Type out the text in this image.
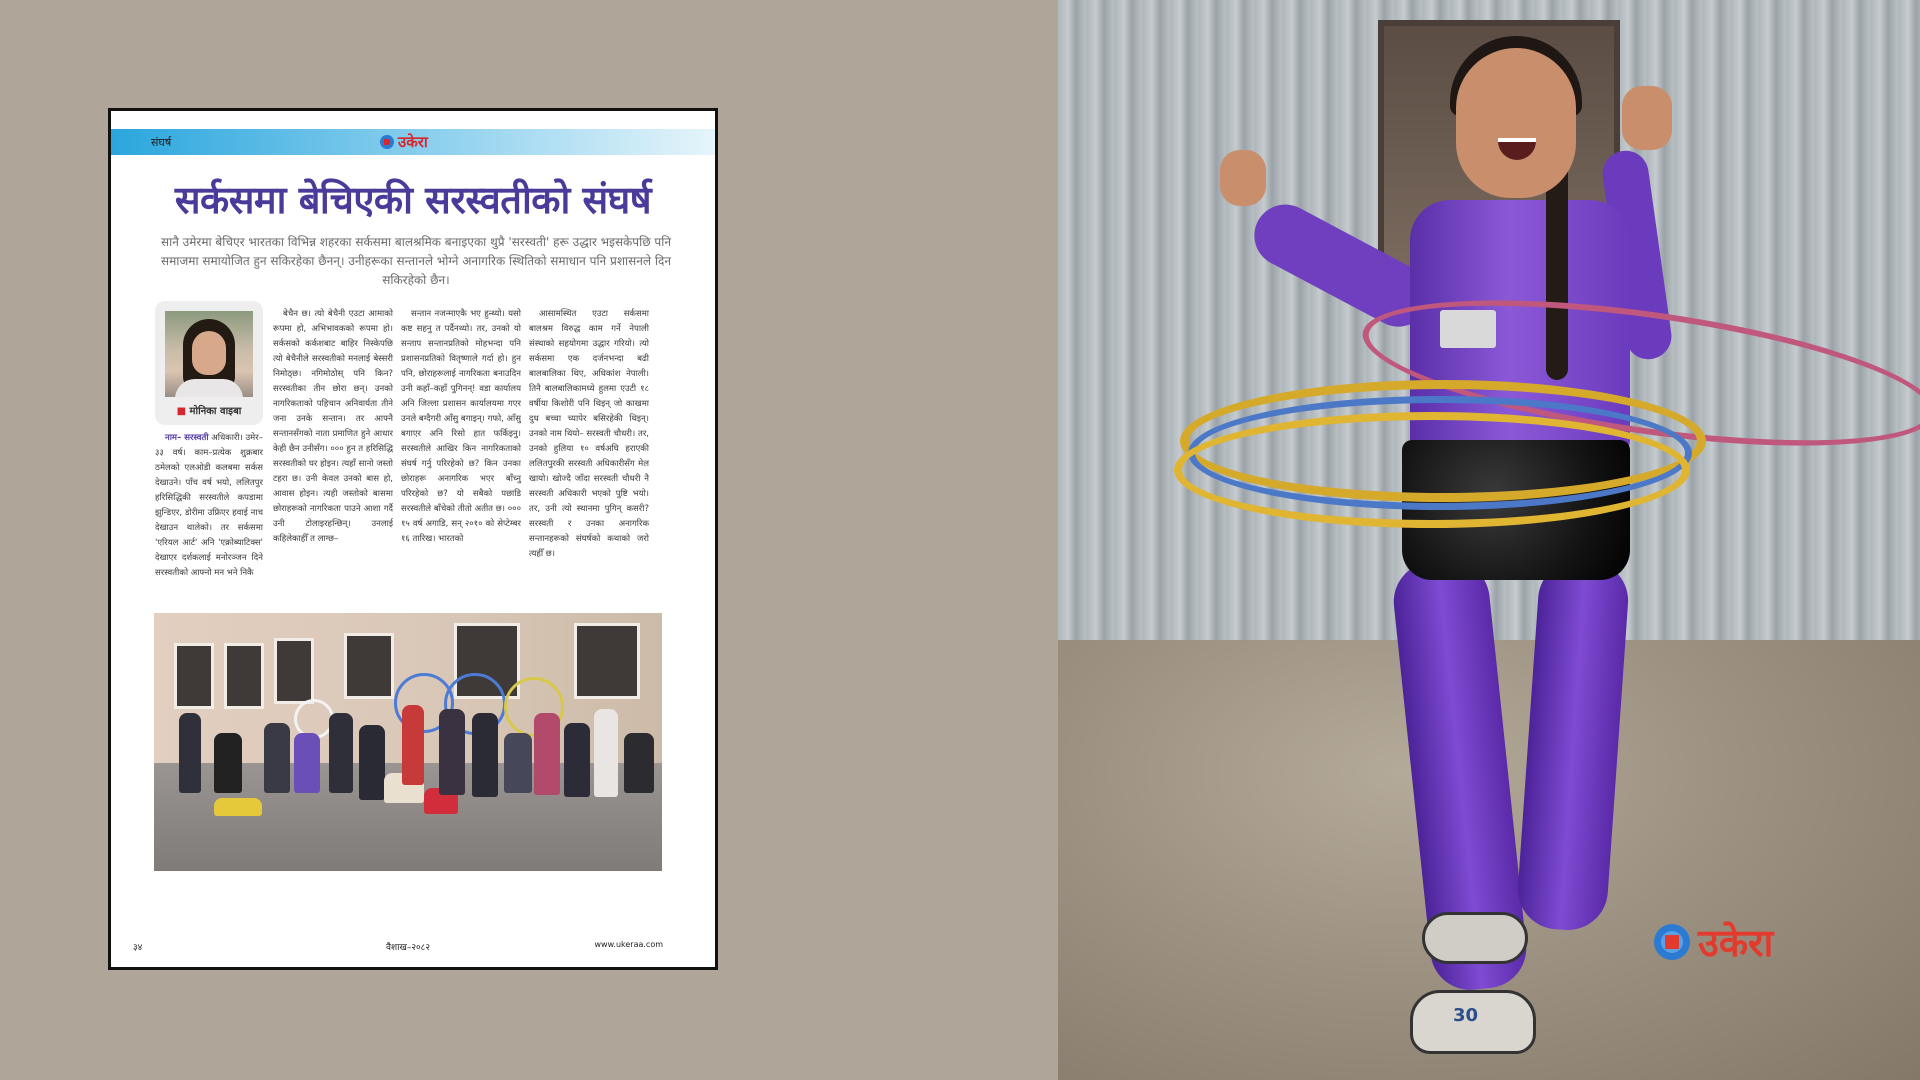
संघर्ष	उकेरा
सर्कसमा बेचिएकी सरस्वतीको संघर्ष
सानै उमेरमा बेचिएर भारतका विभिन्न शहरका सर्कसमा बालश्रमिक बनाइएका थुप्रै 'सरस्वती' हरू उद्धार भइसकेपछि पनि समाजमा समायोजित हुन सकिरहेका छैनन्। उनीहरूका सन्तानले भोग्ने अनागरिक स्थितिको समाधान पनि प्रशासनले दिन सकिरहेको छैन।
■ मोनिका वाइबा

नाम– सरस्वती अधिकारी। उमेर–३३ वर्ष। काम–प्रत्येक शुक्रबार ठमेलको एलओडी कलबमा सर्कस देखाउने। पाँच वर्ष भयो, ललितपुर हरिसिद्धिकी सरस्वतीले कपडामा झुन्डिएर, डोरीमा उफ्रिएर हवाई नाच देखाउन थालेको। तर सर्कसमा 'एरियल आर्ट' अनि 'एक्रोब्याटिक्स' देखाएर दर्शकलाई मनोरञ्जन दिने सरस्वतीको आफ्नो मन भने निकै

बेचैन छ। त्यो बेचैनी एउटा आमाको रूपमा हो, अभिभावकको रूपमा हो। सर्कसको कर्कशबाट बाहिर निस्केपछि त्यो बेचैनीले सरस्वतीको मनलाई बेस्सरी निमोठ्छ। नगिमोठोस् पनि किन? सरस्वतीका तीन छोरा छन्। उनको नागरिकताको पहिचान अनिवार्यता तीने जना उनके सन्तान। तर आफ्नै सन्तानसँगको नाता प्रमाणित हुने आधार केही छैन उनीसँग। ००० हुन त हरिसिद्धि सरस्वतीको घर होइन। त्यहाँ सानो जस्तो टहरा छ। उनी केवल उनको बास हो, आवास होइन। त्यही जस्तोको बासमा छोराहरूको नागरिकता पाउने आशा गर्दै उनी टोलाइरहन्छिन्। उनलाई कहिलेकाहीँ त लाग्छ–

सन्तान नजन्माएकै भए हुन्थ्यो। यसो कष्ट सहनु त पर्दैनथ्यो। तर, उनको यो सन्ताप सन्तानप्रतिको मोहभन्दा पनि प्रशासनप्रतिको वितृष्णाले गर्दा हो। हुन पनि, छोराहरूलाई नागरिकता बनाउदिन उनी कहाँ–कहाँ पुगिनन्! वडा कार्यालय अनि जिल्ला प्रशासन कार्यालयमा गएर उनले बग्दैगरी आँसु बगाइन्। गफो, आँसु बगाएर अनि रिसो हात फर्किइनु। सरस्वतीले आखिर किन नागरिकताको संघर्ष गर्नु परिरहेको छ? किन उनका छोराहरू अनागरिक भएर बाँच्नु परिरहेको छ? यो सबैको पछाडि सरस्वतीले बाँचेको तीतो अतीत छ। ००० १५ वर्ष अगाडि, सन् २०१० को सेप्टेम्बर १६ तारिख। भारतको

आसामस्थित एउटा सर्कसमा बालश्रम विरुद्ध काम गर्ने नेपाली संस्थाको सहयोगमा उद्धार गरियो। त्यो सर्कसमा एक दर्जनभन्दा बढी बालबालिका थिए, अधिकांश नेपाली। तिनै बालबालिकामध्ये हुलमा एउटी १८ वर्षीया किशोरी पनि थिइन् जो काखमा दुध बच्चा च्यापेर बसिरहेकी थिइन्। उनको नाम थियो– सरस्वती चौधरी। तर, उनको हुलिया १० वर्षअघि हराएकी ललितपुरकी सरस्वती अधिकारीसँग मेल खायो। खोज्दै जाँदा सरस्वती चौधरी नै सरस्वती अधिकारी भएको पुष्टि भयो। तर, उनी त्यो स्थानमा पुगिन् कसरी? सरस्वती र उनका अनागरिक सन्तानहरूको संघर्षको कथाको जरो त्यहीँ छ।

३४	वैशाख–२०८२	www.ukeraa.com
30
उकेरा
